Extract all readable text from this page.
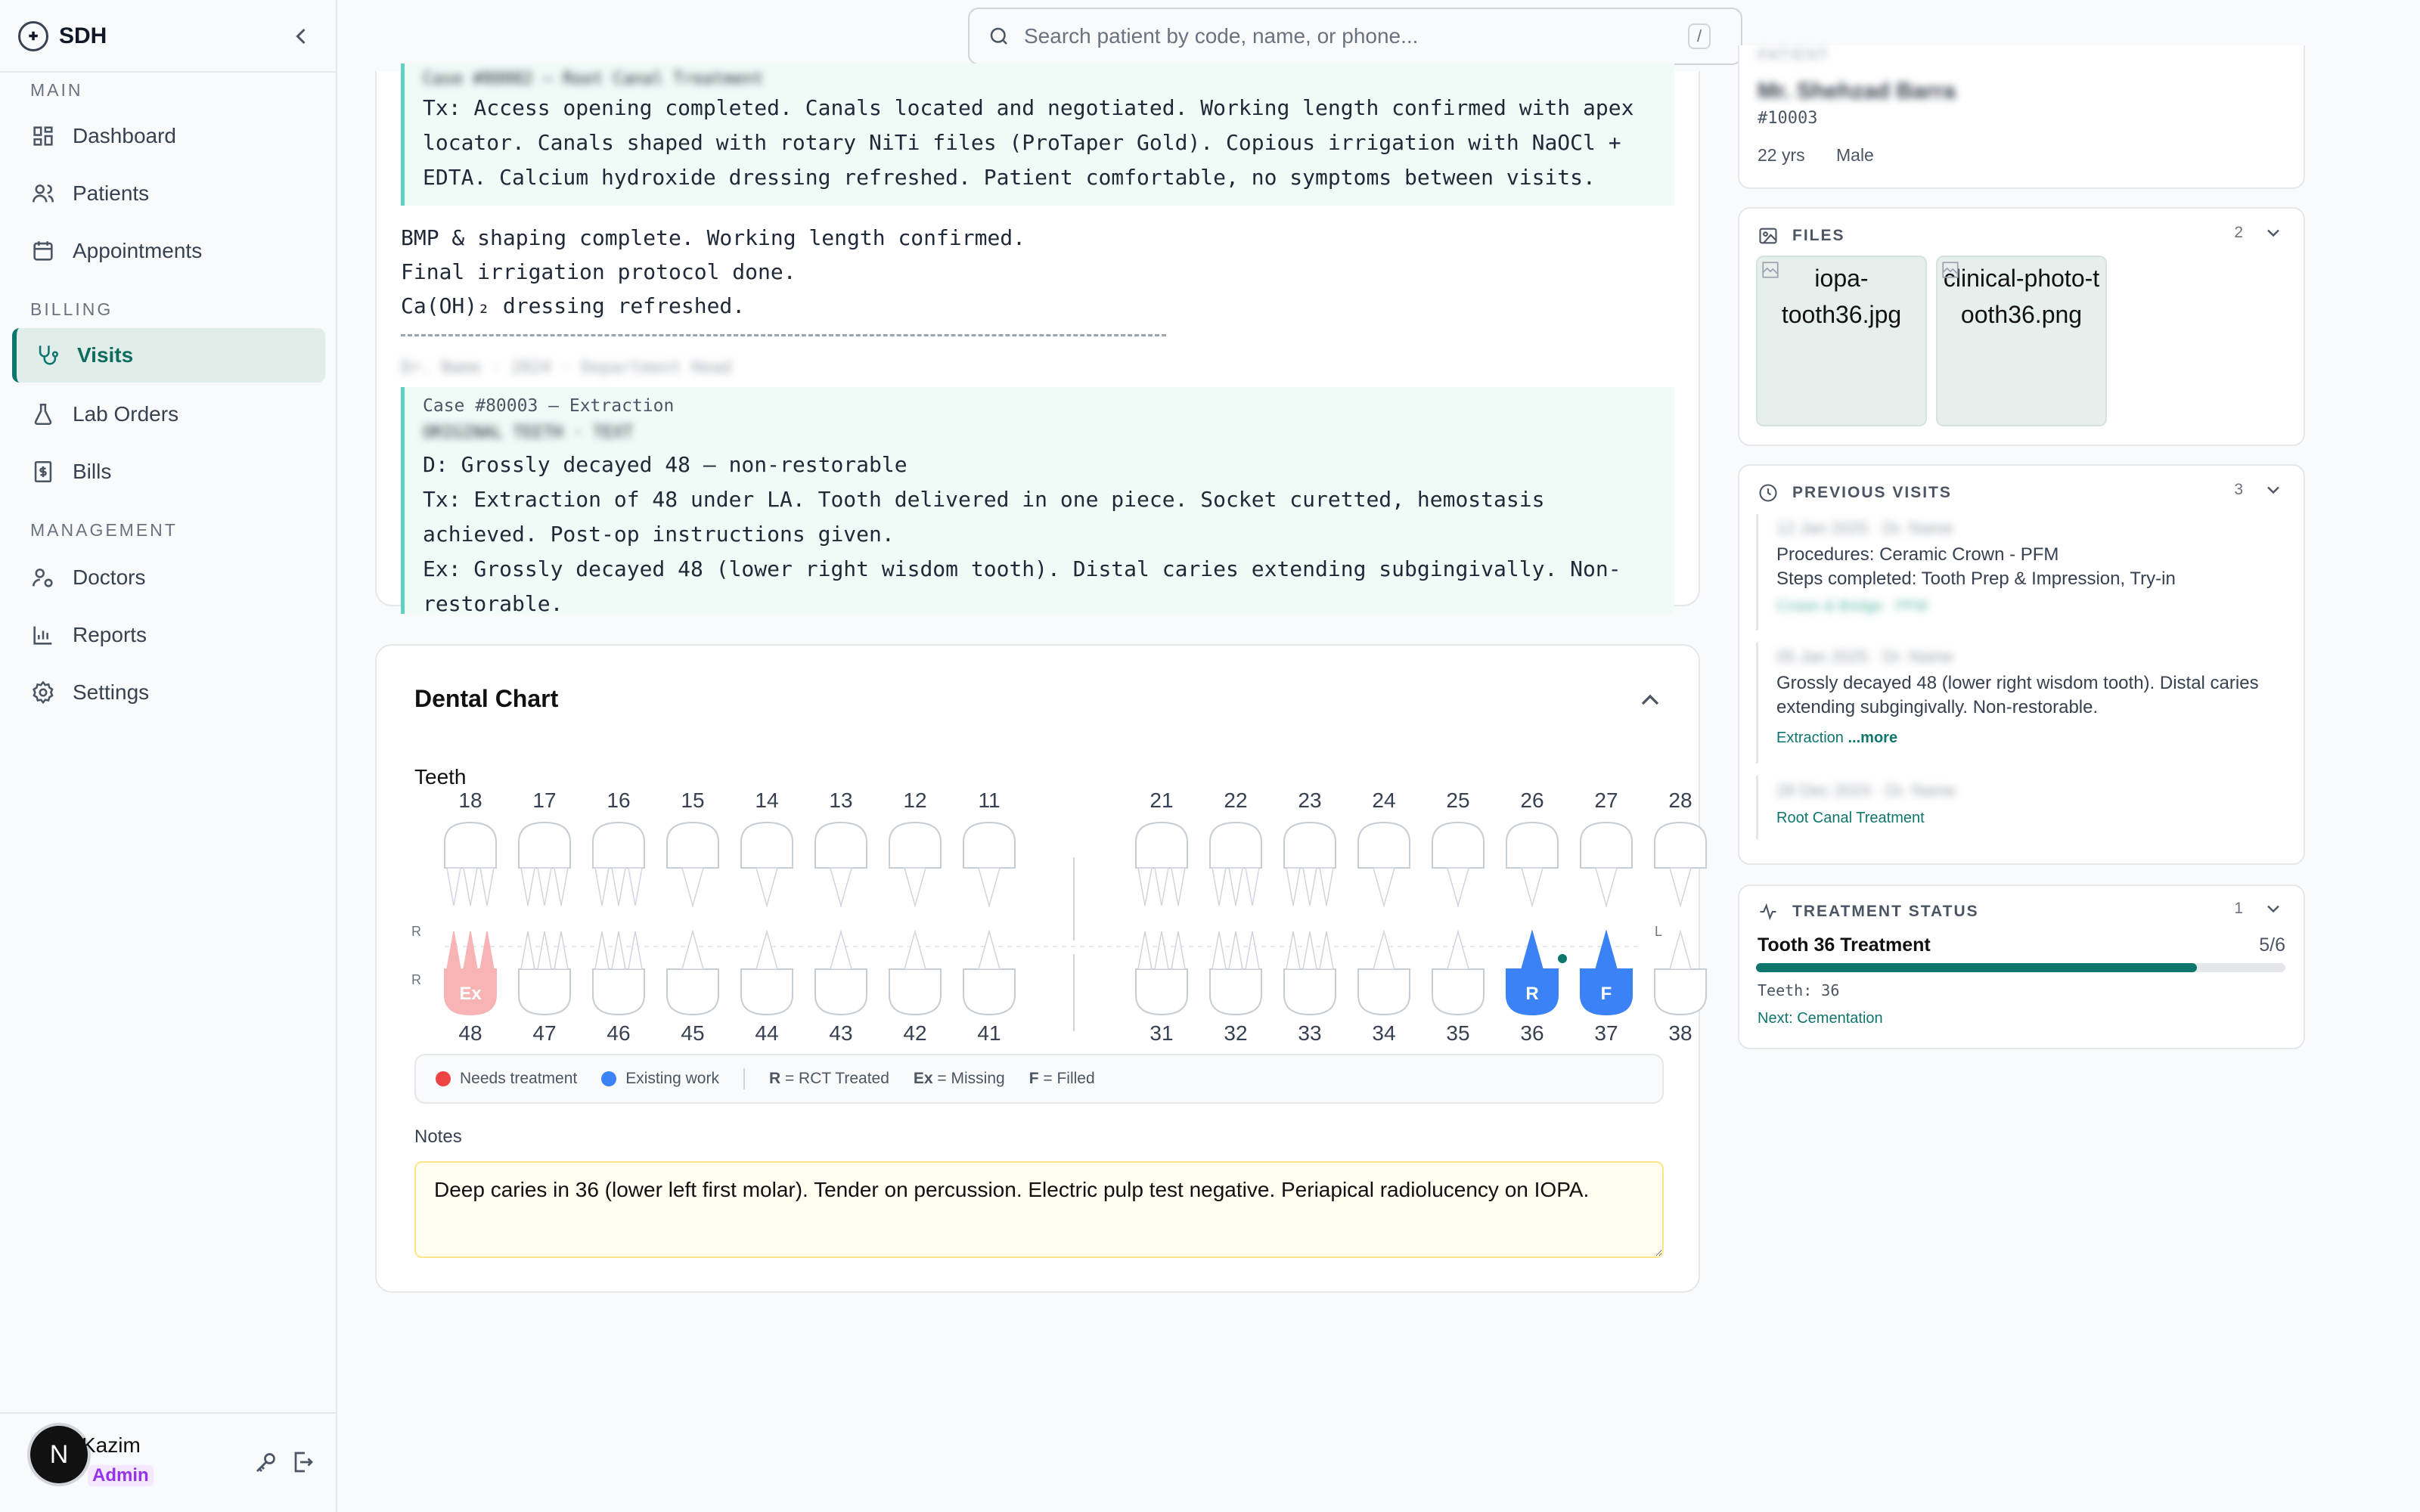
✚ SDH
MAIN
Dashboard
Patients
Appointments
BILLING
Visits
Lab Orders
Bills
MANAGEMENT
Doctors
Reports
Settings
N Kazim
Admin
Search patient by code, name, or phone...
/
Case #80002 — Root Canal Treatment
Tx: Access opening completed. Canals located and negotiated. Working length confirmed with apex locator. Canals shaped with rotary NiTi files (ProTaper Gold). Copious irrigation with NaOCl + EDTA. Calcium hydroxide dressing refreshed. Patient comfortable, no symptoms between visits.
BMP & shaping complete. Working length confirmed.
Final irrigation protocol done.
Ca(OH)₂ dressing refreshed.
Dr. Name · 2024 · Department Head
Case #80003 — Extraction
ORIGINAL TEETH · TEXT
D: Grossly decayed 48 — non-restorable
Tx: Extraction of 48 under LA. Tooth delivered in one piece. Socket curetted, hemostasis achieved. Post-op instructions given.
Ex: Grossly decayed 48 (lower right wisdom tooth). Distal caries extending subgingivally. Non-restorable.
Dental Chart
Teeth
R	L
R
18 17 16 15 14 13 12 11	21 22 23 24 25 26 27 28
48
Ex
47 46 45 44 43 42 41	31 32 33 34 35 36
R
37
F
38
Needs treatment	Existing work	R = RCT Treated Ex = Missing F = Filled
Notes
Deep caries in 36 (lower left first molar). Tender on percussion. Electric pulp test negative. Periapical radiolucency on IOPA.
PATIENT
Mr. Shehzad Barra
#10003
22 yrs Male
FILES	2
iopa-tooth36.jpg
clinical-photo-tooth36.png
PREVIOUS VISITS	3
12 Jan 2025 · Dr. Name
Procedures: Ceramic Crown - PFM
Steps completed: Tooth Prep & Impression, Try-in
Crown & Bridge · PFM
05 Jan 2025 · Dr. Name
Grossly decayed 48 (lower right wisdom tooth). Distal caries extending subgingivally. Non-restorable.
Extraction ...more
28 Dec 2024 · Dr. Name
Root Canal Treatment
TREATMENT STATUS	1
Tooth 36 Treatment	5/6
Teeth: 36
Next: Cementation
